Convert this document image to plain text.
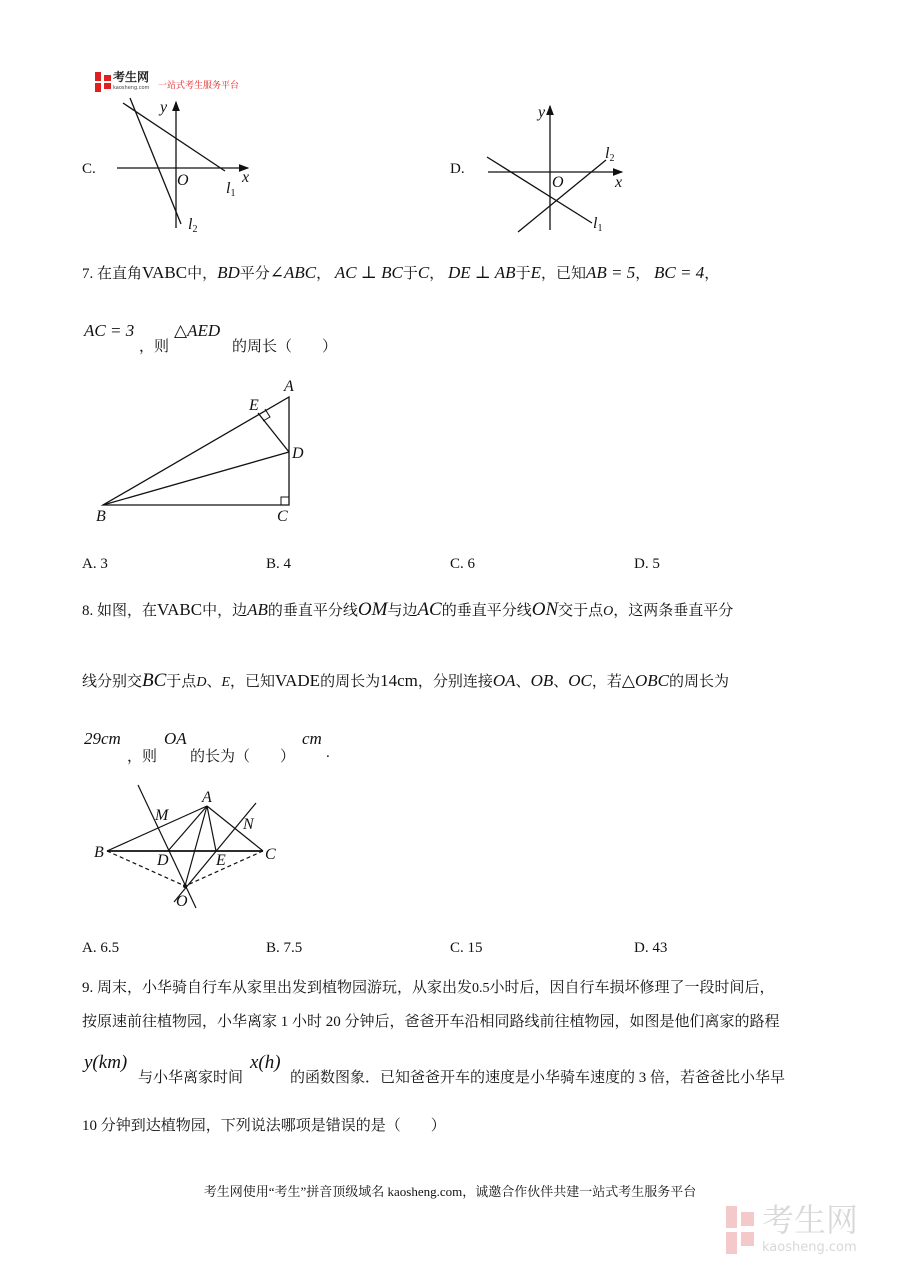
考生网
kaosheng.com 一站式考生服务平台
C.	D.
y
O	x
l1
l2
y
O	x
l2
l1
7. 在直角VABC中，BD平分∠ABC， AC ⊥ BC于C， DE ⊥ AB于E，已知AB = 5， BC = 4，
AC = 3
，则
△AED
的周长（　　）
A
E
D
B	C
A. 3	B. 4	C. 6	D. 5
8. 如图，在VABC中，边AB的垂直平分线OM与边AC的垂直平分线ON交于点O，这两条垂直平分
线分别交BC于点D、E，已知VADE的周长为14cm，分别连接OA、OB、OC，若△OBC的周长为
29cm
，则
OA
的长为（　　）
cm
.
A
M
N
B	C
D	E
O
A. 6.5	B. 7.5	C. 15	D. 43
9. 周末，小华骑自行车从家里出发到植物园游玩，从家出发0.5小时后，因自行车损坏修理了一段时间后，
按原速前往植物园，小华离家 1 小时 20 分钟后，爸爸开车沿相同路线前往植物园，如图是他们离家的路程
y(km)
与小华离家时间
x(h)
的函数图象．已知爸爸开车的速度是小华骑车速度的 3 倍，若爸爸比小华早
10 分钟到达植物园，下列说法哪项是错误的是（　　）
考生网使用“考生”拼音顶级域名 kaosheng.com，诚邀合作伙伴共建一站式考生服务平台
考生网
kaosheng.com
